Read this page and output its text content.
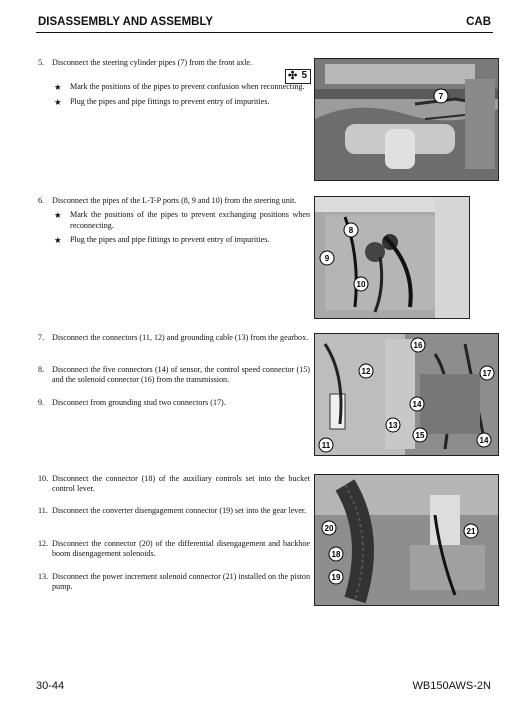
DISASSEMBLY AND ASSEMBLY	CAB
5. Disconnect the steering cylinder pipes (7) from the front axle.
★ Mark the positions of the pipes to prevent confusion when reconnecting.
★ Plug the pipes and pipe fittings to prevent entry of impurities.
✣ 5
6. Disconnect the pipes of the L-T-P ports (8, 9 and 10) from the steering unit.
★ Mark the positions of the pipes to prevent exchanging positions when reconnecting.
★ Plug the pipes and pipe fittings to prevent entry of impurities.
7. Disconnect the connectors (11, 12) and grounding cable (13) from the gearbox.
8. Disconnect the five connectors (14) of sensor, the control speed connector (15) and the solenoid connector (16) from the transmission.
9. Disconnect from grounding stud two connectors (17).
10. Disconnect the connector (18) of the auxiliary controls set into the bucket control lever.
11. Disconnect the converter disengagement connector (19) set into the gear lever.
12. Disconnect the connector (20) of the differential disengagement and backhoe boom disengagement solenoids.
13. Disconnect the power increment solenoid connector (21) installed on the piston pump.
7
8
9
10
16
12	17
13
14
11
15
14
20	21
18
19
30-44	WB150AWS-2N
